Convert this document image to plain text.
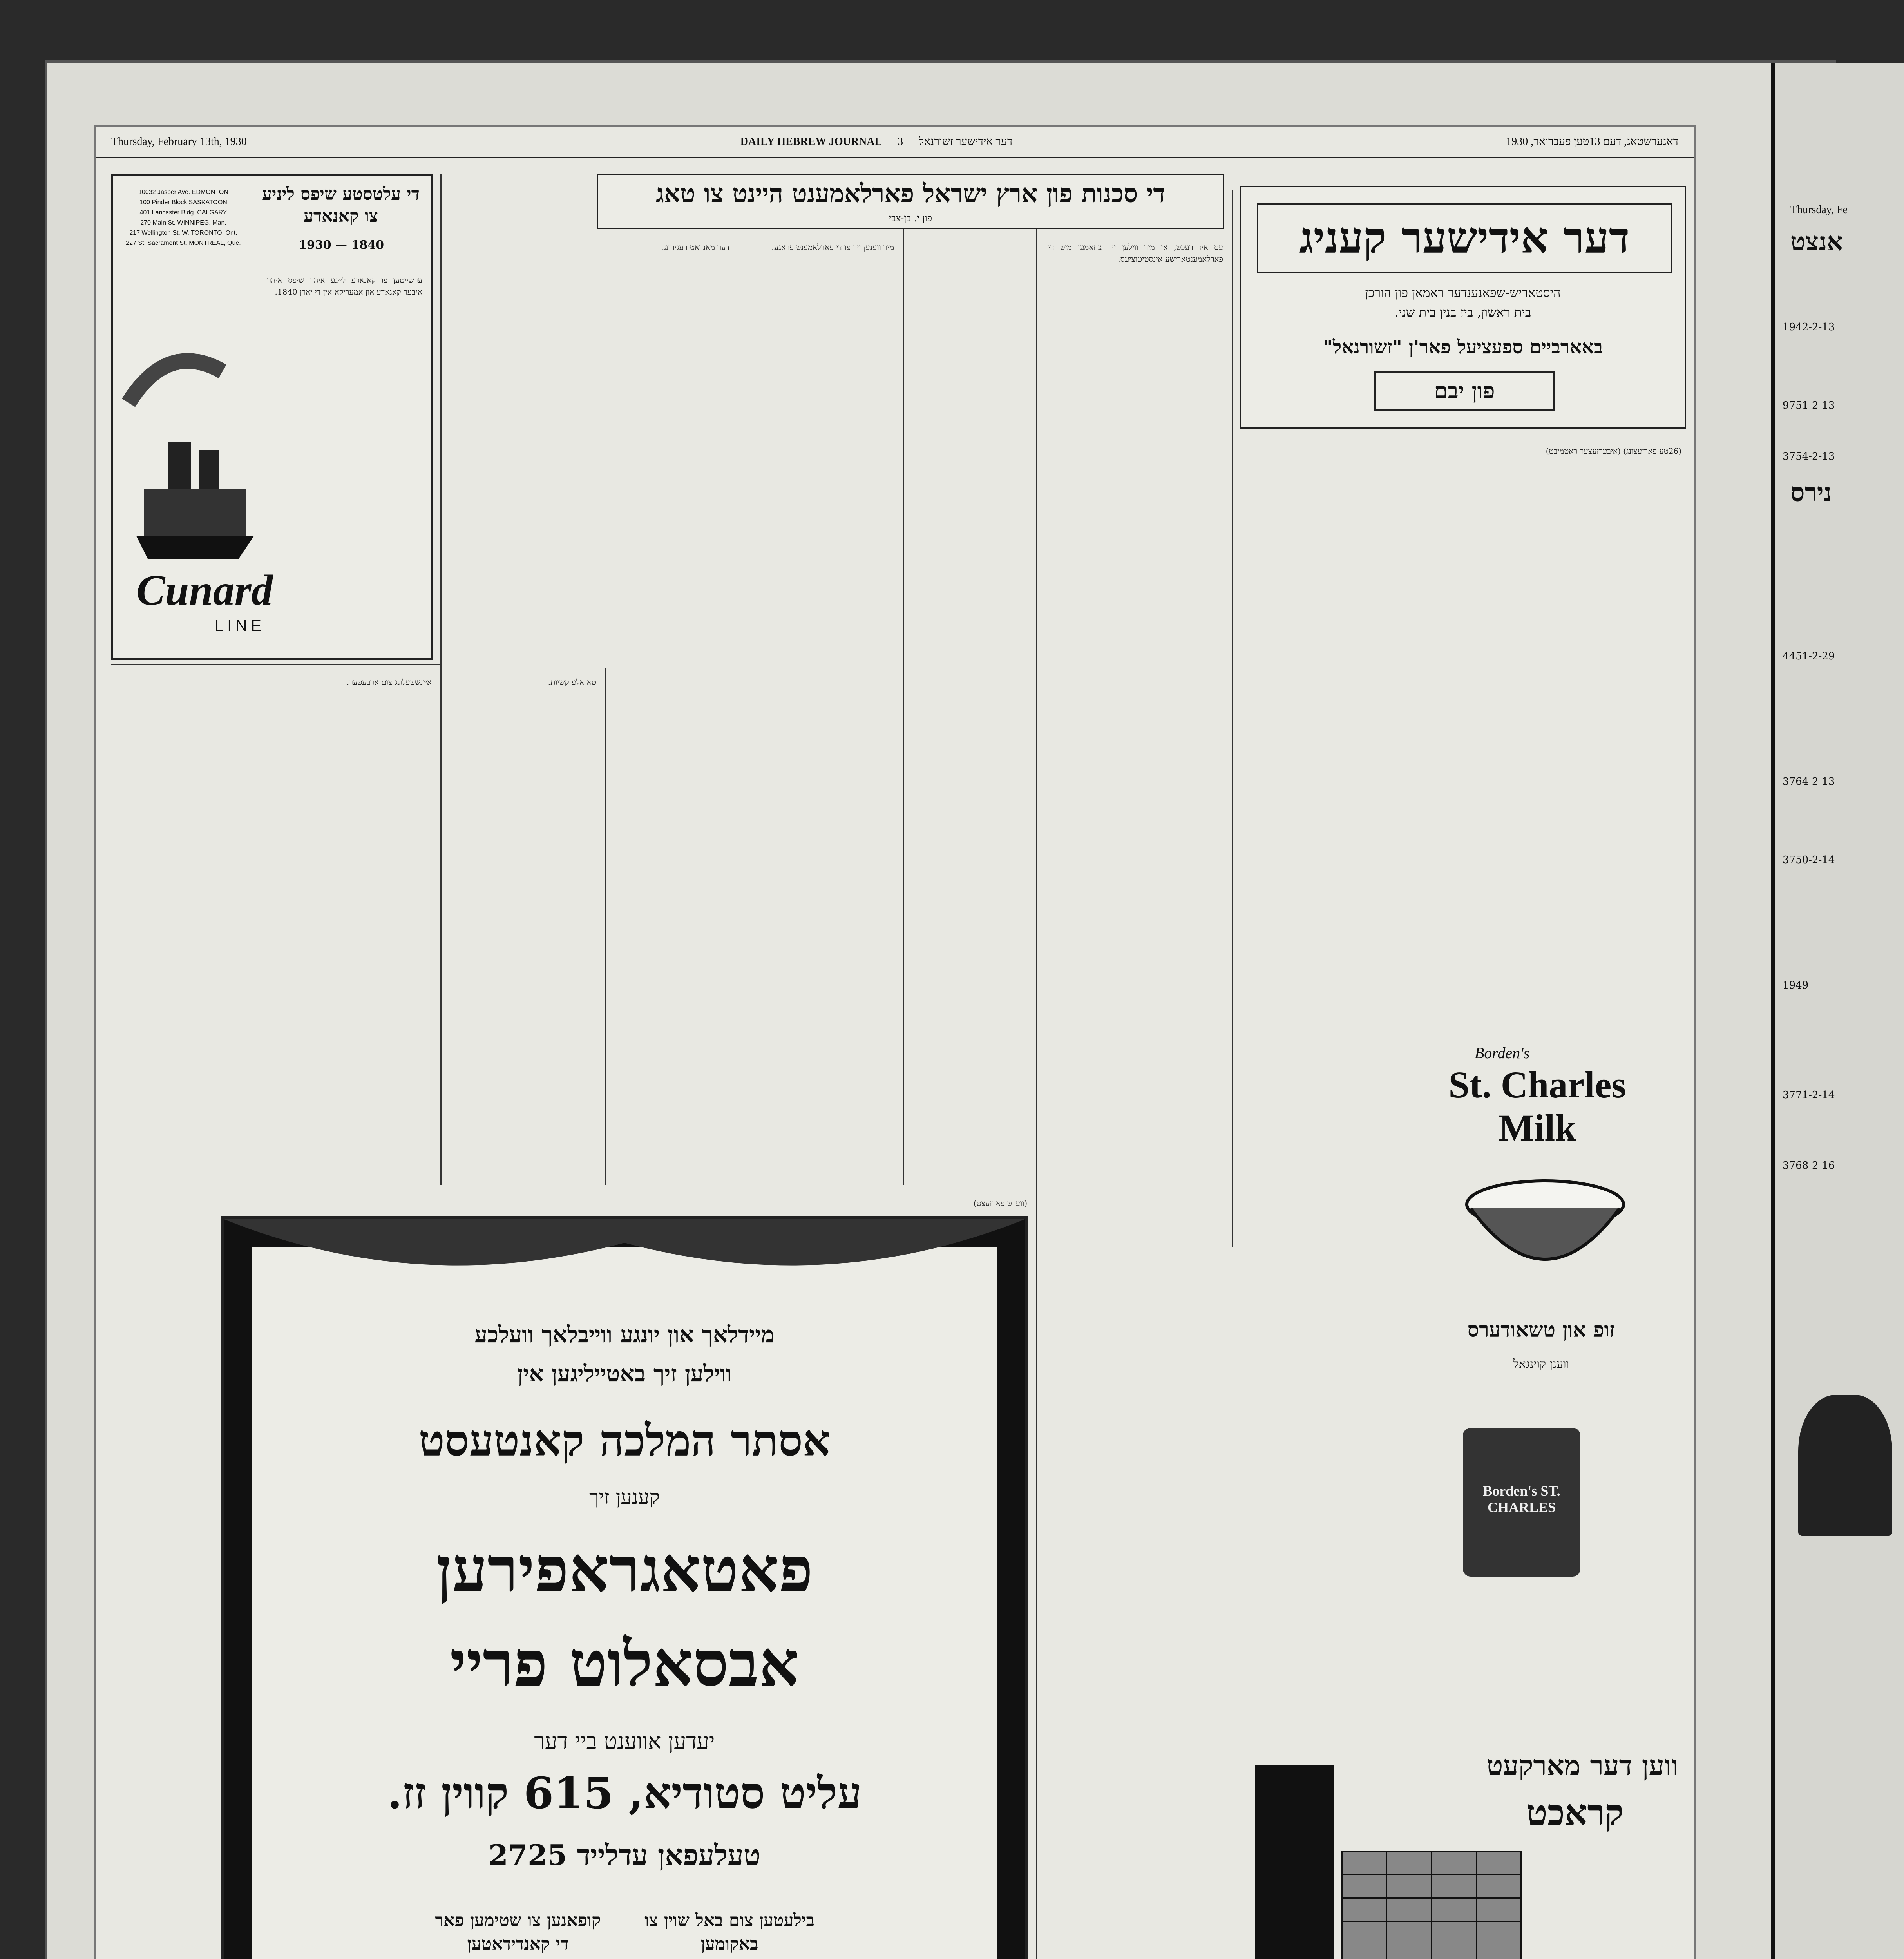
Thursday, February 13th, 1930	DAILY HEBREW JOURNAL 3 דער אידישער זשורנאל	דאנערשטאג, דעם 13טען פעברואר, 1930
די עלטסטע שיפס ליניע צו קאנאדע
1930 — 1840
10032 Jasper Ave. EDMONTON
100 Pinder Block SASKATOON
401 Lancaster Bldg. CALGARY
270 Main St. WINNIPEG, Man.
217 Wellington St. W. TORONTO, Ont.
227 St. Sacrament St. MONTREAL, Que.
Cunard
LINE

ערשייטען צו קאנאדע לייגע איהר שיפס איהר איבער קאנאדע און אמעריקא אין די יארן 1840.

די סכנות פון ארץ ישראל פארלאמענט היינט צו טאג
פון י. בן-צבי

עס איז רעכט, אז מיר ווילען זיך צוזאמען מיט די פארלאמענטארישע אינסטיטוציעס.

מיר ווענען זיך צו די פארלאמענט פראגע.

דער מאנדאט רעגירונג.

(ווערט פארזעצט)

איינשטעלונג צום ארבעטער.	טא אלע קשיות.

דער אידישער קעניג
היסטאריש-שפאנענדער ראמאן פון הורכן
בית ראשון, ביז בנין בית שני.
באארביים ספעציעל פאר'ן "זשורנאל"
פון יבם

(26טע פארזעצונג) (איבערזעצער ראטמיבט)

Borden's
St. Charles Milk
זופ און טשאודערס
ווענן קוינגאל
Borden's ST. CHARLES
מיידלאך און יונגע ווייבלאך וועלכע
ווילען זיך באטייליגען אין
אסתר המלכה קאנטעסט
קענען זיך
פאטאגראפירען
אבסאלוט פריי
יעדען אווענט ביי דער
עליט סטודיא, 615 קווין זז.
טעלעפאן עדלייד 2725
קופאנען צו שטימען פאר די קאנדידאטען
בילעטען צום באל שוין צו באקומען
ווען דער מארקעט
קראכט
Thursday, Fe
אנצט
נירס
1942-2-13
9751-2-13
3754-2-13
4451-2-29
3764-2-13
3750-2-14
1949
3771-2-14
3768-2-16
